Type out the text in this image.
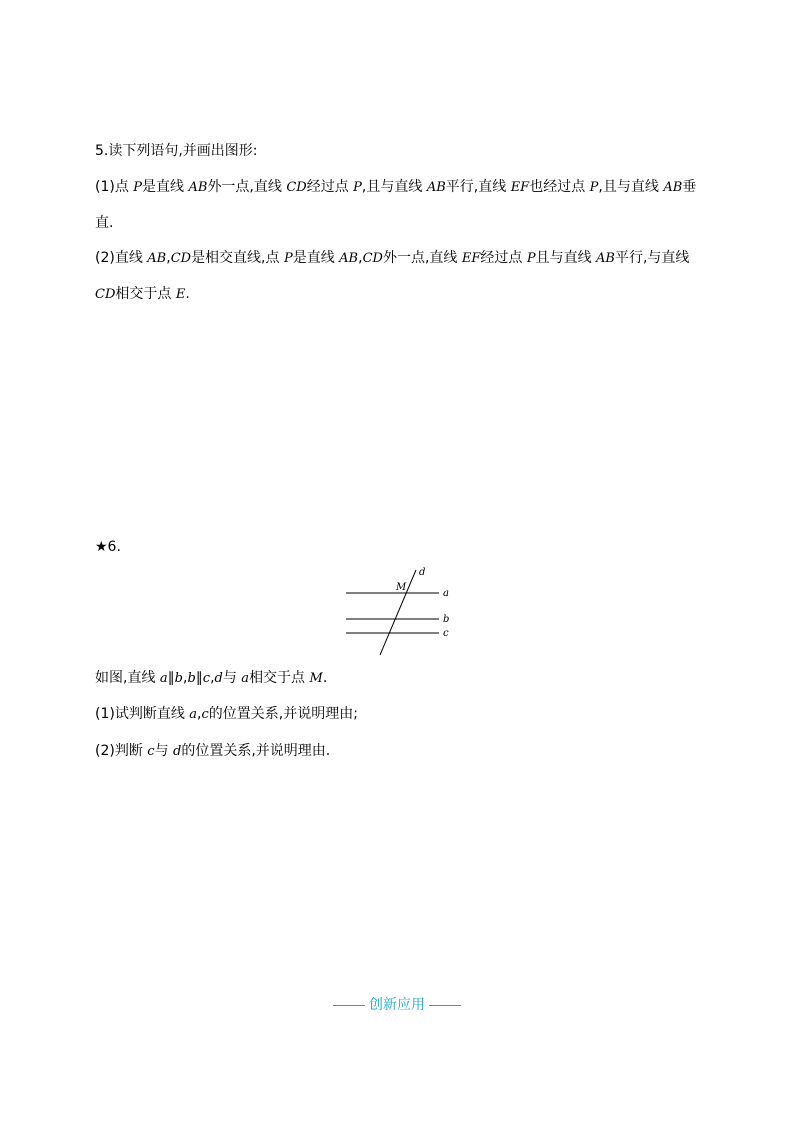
5.读下列语句,并画出图形:
(1)点 P是直线 AB外一点,直线 CD经过点 P,且与直线 AB平行,直线 EF也经过点 P,且与直线 AB垂
直.
(2)直线 AB,CD是相交直线,点 P是直线 AB,CD外一点,直线 EF经过点 P且与直线 AB平行,与直线
CD相交于点 E.
★6.
M
d
a
b
c
如图,直线 a∥b,b∥c,d与 a相交于点 M.
(1)试判断直线 a,c的位置关系,并说明理由;
(2)判断 c与 d的位置关系,并说明理由.
创新应用
